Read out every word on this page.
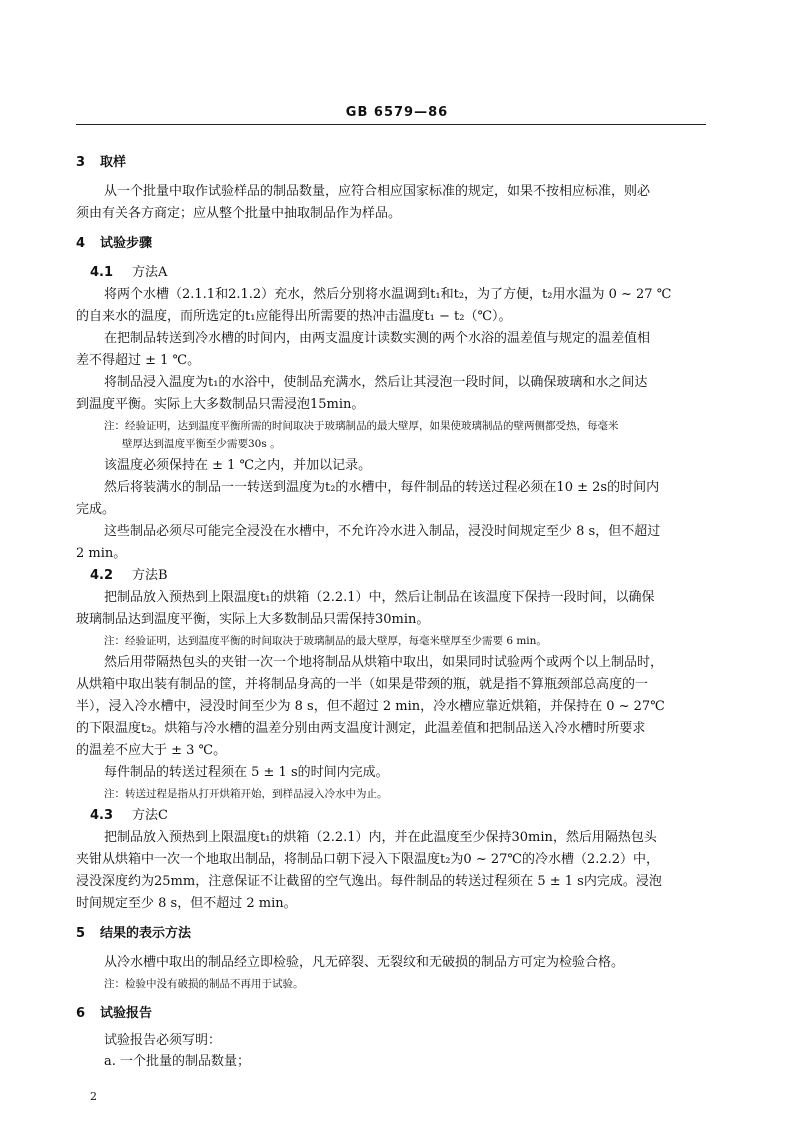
GB 6579—86
3 取样
从一个批量中取作试验样品的制品数量，应符合相应国家标准的规定，如果不按相应标准，则必
须由有关各方商定；应从整个批量中抽取制品作为样品。
4 试验步骤
4.1 方法A
将两个水槽（2.1.1和2.1.2）充水，然后分别将水温调到t₁和t₂，为了方便，t₂用水温为 0 ~ 27 ℃
的自来水的温度，而所选定的t₁应能得出所需要的热冲击温度t₁ − t₂（℃）。
在把制品转送到冷水槽的时间内，由两支温度计读数实测的两个水浴的温差值与规定的温差值相
差不得超过 ± 1 ℃。
将制品浸入温度为t₁的水浴中，使制品充满水，然后让其浸泡一段时间，以确保玻璃和水之间达
到温度平衡。实际上大多数制品只需浸泡15min。
注：经验证明，达到温度平衡所需的时间取决于玻璃制品的最大壁厚，如果使玻璃制品的壁两侧都受热，每毫米
壁厚达到温度平衡至少需要30s 。
该温度必须保持在 ± 1 ℃之内，并加以记录。
然后将装满水的制品一一转送到温度为t₂的水槽中，每件制品的转送过程必须在10 ± 2s的时间内
完成。
这些制品必须尽可能完全浸没在水槽中，不允许冷水进入制品，浸没时间规定至少 8 s，但不超过
2 min。
4.2 方法B
把制品放入预热到上限温度t₁的烘箱（2.2.1）中，然后让制品在该温度下保持一段时间，以确保
玻璃制品达到温度平衡，实际上大多数制品只需保持30min。
注：经验证明，达到温度平衡的时间取决于玻璃制品的最大壁厚，每毫米壁厚至少需要 6 min。
然后用带隔热包头的夹钳一次一个地将制品从烘箱中取出，如果同时试验两个或两个以上制品时，
从烘箱中取出装有制品的筐，并将制品身高的一半（如果是带颈的瓶，就是指不算瓶颈部总高度的一
半），浸入冷水槽中，浸没时间至少为 8 s，但不超过 2 min，冷水槽应靠近烘箱，并保持在 0 ~ 27℃
的下限温度t₂。烘箱与冷水槽的温差分别由两支温度计测定，此温差值和把制品送入冷水槽时所要求
的温差不应大于 ± 3 ℃。
每件制品的转送过程须在 5 ± 1 s的时间内完成。
注：转送过程是指从打开烘箱开始，到样品浸入冷水中为止。
4.3 方法C
把制品放入预热到上限温度t₁的烘箱（2.2.1）内，并在此温度至少保持30min，然后用隔热包头
夹钳从烘箱中一次一个地取出制品，将制品口朝下浸入下限温度t₂为0 ~ 27℃的冷水槽（2.2.2）中，
浸没深度约为25mm，注意保证不让截留的空气逸出。每件制品的转送过程须在 5 ± 1 s内完成。浸泡
时间规定至少 8 s，但不超过 2 min。
5 结果的表示方法
从冷水槽中取出的制品经立即检验，凡无碎裂、无裂纹和无破损的制品方可定为检验合格。
注：检验中没有破损的制品不再用于试验。
6 试验报告
试验报告必须写明：
a. 一个批量的制品数量；
2
